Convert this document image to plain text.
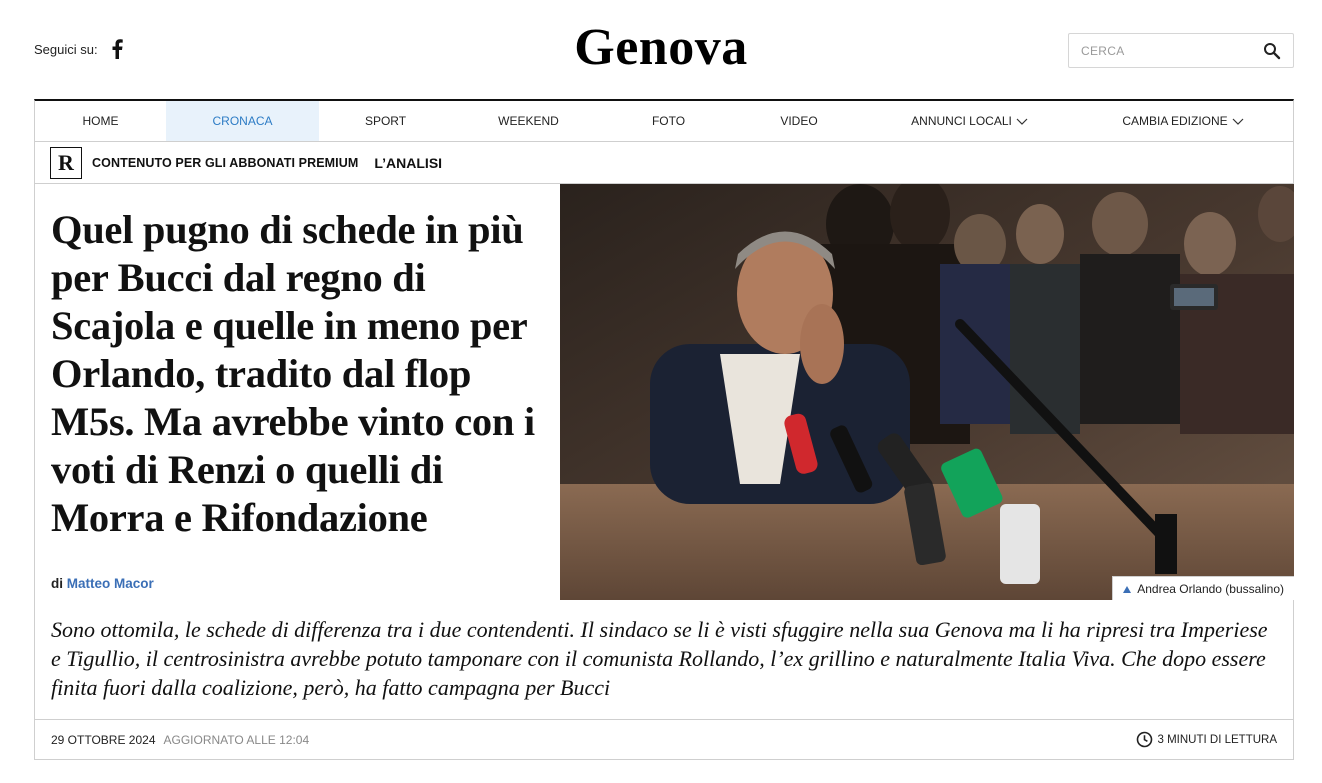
Seguici su:	Genova
CERCA
HOME	CRONACA	SPORT	WEEKEND	FOTO	VIDEO	ANNUNCI LOCALI	CAMBIA EDIZIONE
R	CONTENUTO PER GLI ABBONATI PREMIUM L’ANALISI
Quel pugno di schede in più per Bucci dal regno di Scajola e quelle in meno per Orlando, tradito dal flop M5s. Ma avrebbe vinto con i voti di Renzi o quelli di Morra e Rifondazione
di Matteo Macor	Andrea Orlando (bussalino)

Sono ottomila, le schede di differenza tra i due contendenti. Il sindaco se li è visti sfuggire nella sua Genova ma li ha ripresi tra Imperiese e Tigullio, il centrosinistra avrebbe potuto tamponare con il comunista Rollando, l’ex grillino e naturalmente Italia Viva. Che dopo essere finita fuori dalla coalizione, però, ha fatto campagna per Bucci

29 OTTOBRE 2024 AGGIORNATO ALLE 12:04	3 MINUTI DI LETTURA
